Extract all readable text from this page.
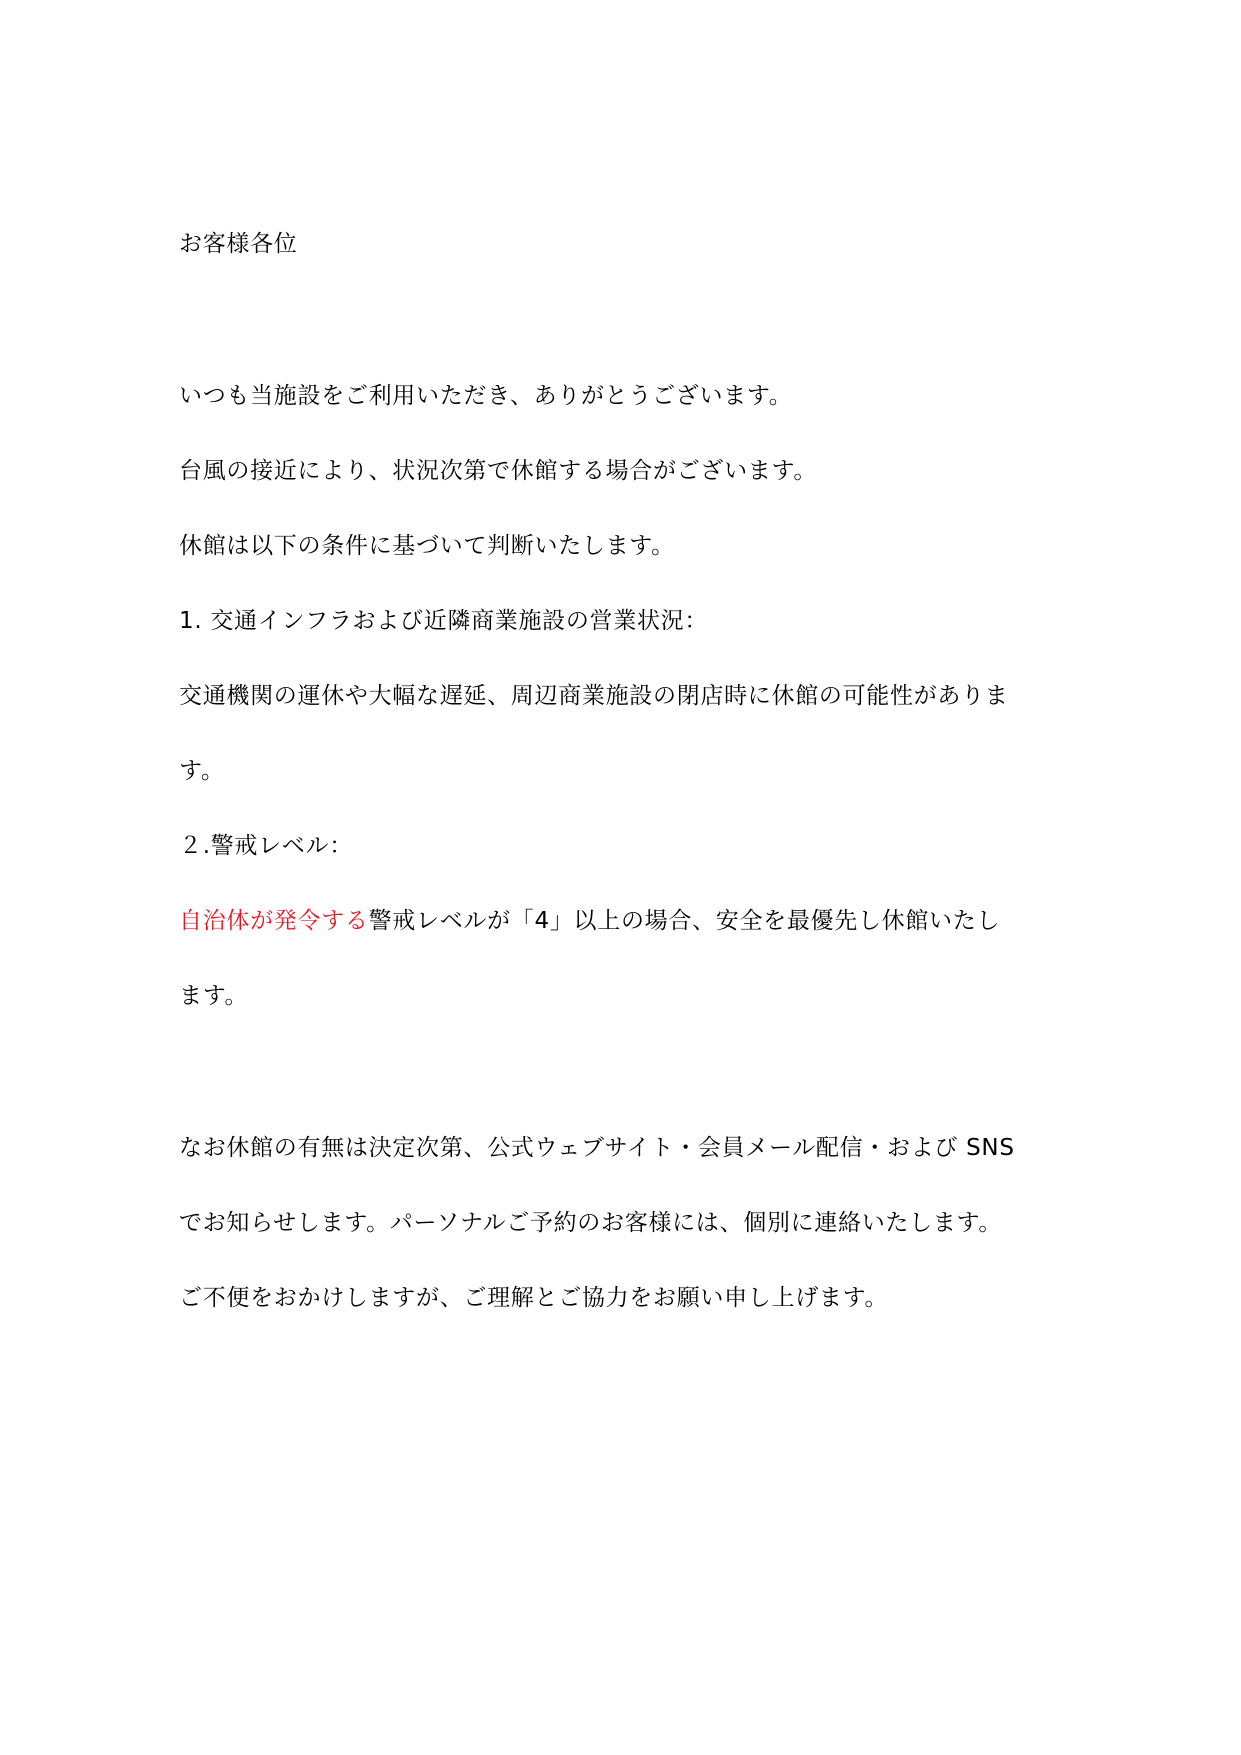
お客様各位
いつも当施設をご利用いただき、ありがとうございます。
台風の接近により、状況次第で休館する場合がございます。
休館は以下の条件に基づいて判断いたします。
1. 交通インフラおよび近隣商業施設の営業状況：
交通機関の運休や大幅な遅延、周辺商業施設の閉店時に休館の可能性がありま
す。
２.警戒レベル：
自治体が発令する警戒レベルが「4」以上の場合、安全を最優先し休館いたし
ます。
なお休館の有無は決定次第、公式ウェブサイト・会員メール配信・および SNS
でお知らせします。パーソナルご予約のお客様には、個別に連絡いたします。
ご不便をおかけしますが、ご理解とご協力をお願い申し上げます。
